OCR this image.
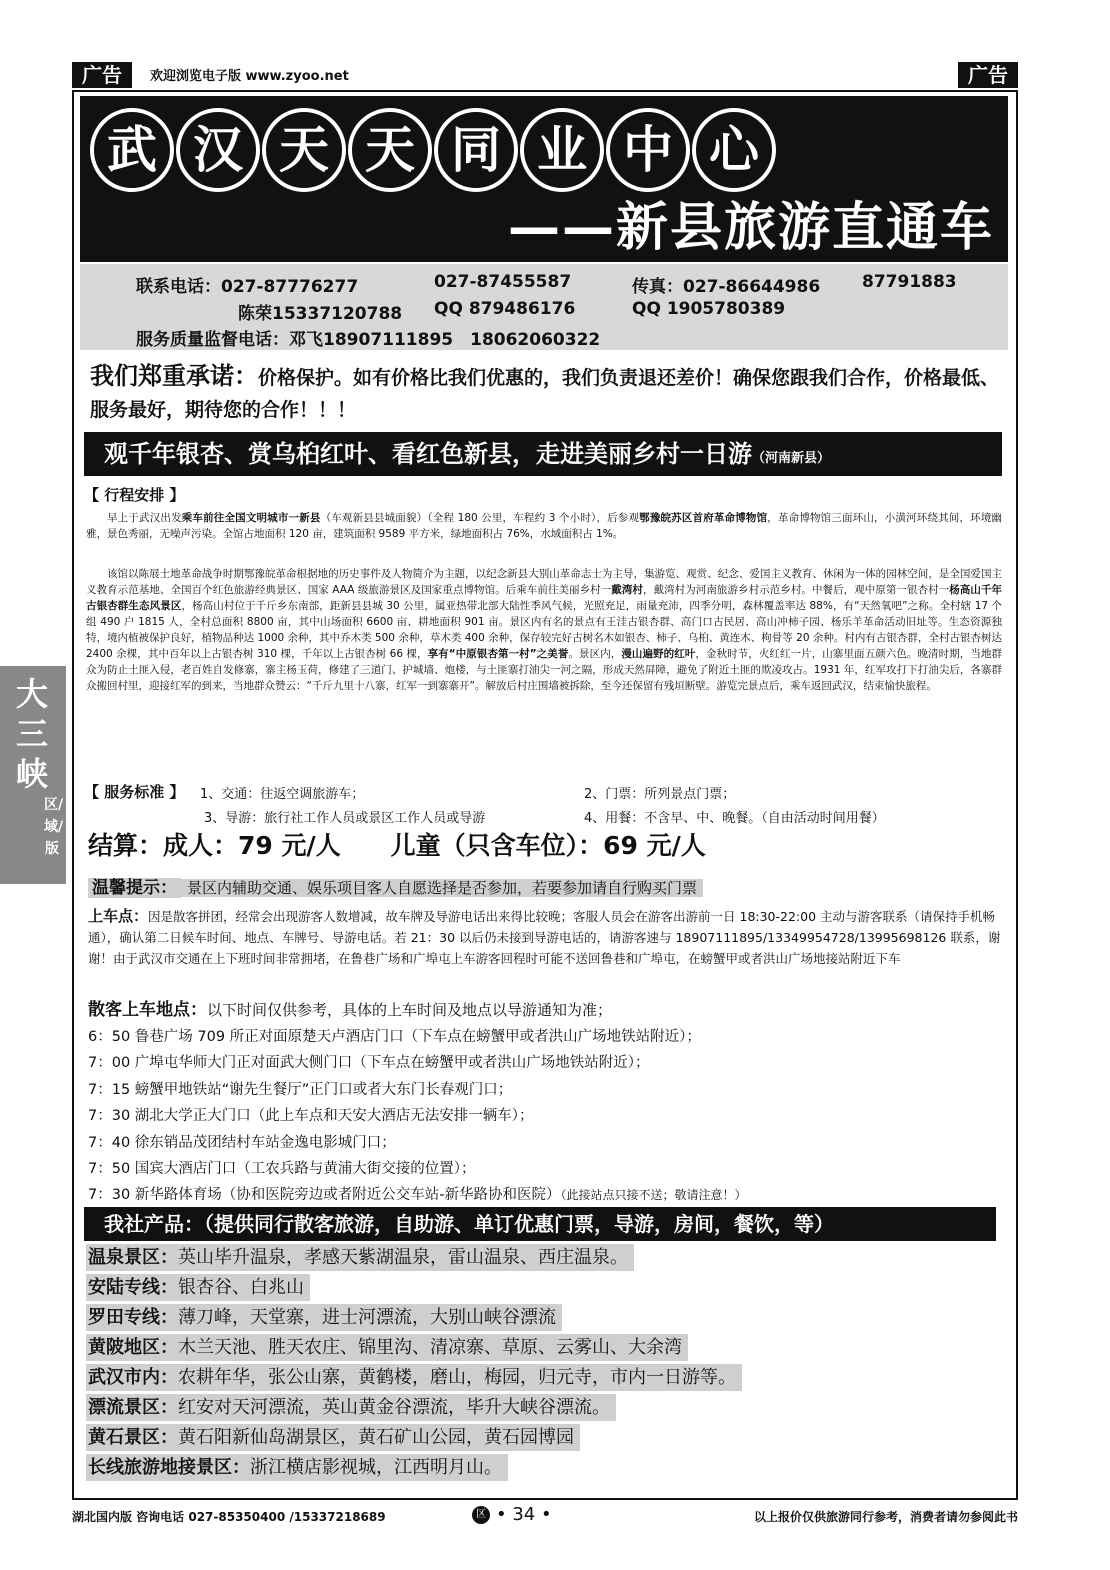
广告	欢迎浏览电子版 www.zyoo.net	广告
武 汉 天 天 同 业 中 心
——新县旅游直通车
联系电话：027-87776277	027-87455587	传真：027-86644986 87791883
陈荣15337120788 QQ 879486176	QQ 1905780389
服务质量监督电话：邓飞18907111895　18062060322
我们郑重承诺：价格保护。如有价格比我们优惠的，我们负责退还差价！确保您跟我们合作，价格最低、服务最好，期待您的合作！！！
观千年银杏、赏乌桕红叶、看红色新县，走进美丽乡村一日游（河南新县）
【 行程安排 】
早上于武汉出发乘车前往全国文明城市一新县（车观新县县城面貌）（全程 180 公里，车程约 3 个小时），后参观鄂豫皖苏区首府革命博物馆，革命博物馆三面环山，小潢河环绕其间，环境幽雅，景色秀丽，无噪声污染。全馆占地面积 120 亩，建筑面积 9589 平方米，绿地面积占 76%，水域面积占 1%。
该馆以陈展土地革命战争时期鄂豫皖革命根据地的历史事件及人物简介为主题，以纪念新县大别山革命志士为主导，集游览、观赏、纪念、爱国主义教育、休闲为一体的园林空间，是全国爱国主义教育示范基地、全国百个红色旅游经典景区、国家 AAA 级旅游景区及国家重点博物馆。后乘车前往美丽乡村一戴湾村，戴湾村为河南旅游乡村示范乡村。中餐后，观中原第一银杏村一杨高山千年古银杏群生态风景区，杨高山村位于千斤乡东南部，距新县县城 30 公里，属亚热带北部大陆性季风气候，光照充足，雨量充沛，四季分明，森林覆盖率达 88%，有“天然氧吧”之称。全村辖 17 个组 490 户 1815 人，全村总面积 8800 亩，其中山场面积 6600 亩、耕地面积 901 亩。景区内有名的景点有王洼古银杏群、高门口古民居、高山冲柿子园、杨乐羊革命活动旧址等。生态资源独特，境内植被保护良好，植物品种达 1000 余种，其中乔木类 500 余种，草木类 400 余种，保存较完好古树名木如银杏、柿子、乌桕、黄连木、枸骨等 20 余种。村内有古银杏群，全村古银杏树达 2400 余棵，其中百年以上古银杏树 310 棵，千年以上古银杏树 66 棵，享有“中原银杏第一村”之美誉。景区内，漫山遍野的红叶，金秋时节，火红红一片，山寨里面五颜六色。晚清时期，当地群众为防止土匪入侵，老百姓自发修寨，寨主杨玉荷，修建了三道门、护城墙、炮楼，与土匪寨打油尖一河之隔，形成天然屏障，避免了附近土匪的欺凌攻占。1931 年，红军攻打下打油尖后，各寨群众搬回村里，迎接红军的到来，当地群众赞云：“千斤九里十八寨，红军一到寨寨开”。解放后村庄围墙被拆除，至今还保留有残垣断壁。游览完景点后，乘车返回武汉，结束愉快旅程。
【 服务标准 】 1、交通：往返空调旅游车；	2、门票：所列景点门票；
3、导游：旅行社工作人员或景区工作人员或导游	4、用餐：不含早、中、晚餐。（自由活动时间用餐）
结算：成人：79 元/人　　儿童（只含车位）：69 元/人
温馨提示： 景区内辅助交通、娱乐项目客人自愿选择是否参加，若要参加请自行购买门票
上车点：因是散客拼团，经常会出现游客人数增减，故车牌及导游电话出来得比较晚；客服人员会在游客出游前一日 18:30-22:00 主动与游客联系（请保持手机畅通），确认第二日候车时间、地点、车牌号、导游电话。若 21：30 以后仍未接到导游电话的，请游客速与 18907111895/13349954728/13995698126 联系，谢谢！由于武汉市交通在上下班时间非常拥堵，在鲁巷广场和广埠屯上车游客回程时可能不送回鲁巷和广埠屯，在螃蟹甲或者洪山广场地接站附近下车
散客上车地点：以下时间仅供参考，具体的上车时间及地点以导游通知为准；
6：50 鲁巷广场 709 所正对面原楚天卢酒店门口（下车点在螃蟹甲或者洪山广场地铁站附近）；
7：00 广埠屯华师大门正对面武大侧门口（下车点在螃蟹甲或者洪山广场地铁站附近）；
7：15 螃蟹甲地铁站“谢先生餐厅”正门口或者大东门长春观门口；
7：30 湖北大学正大门口（此上车点和天安大酒店无法安排一辆车）；
7：40 徐东销品茂团结村车站金逸电影城门口；
7：50 国宾大酒店门口（工农兵路与黄浦大街交接的位置）；
7：30 新华路体育场（协和医院旁边或者附近公交车站-新华路协和医院）（此接站点只接不送；敬请注意！）
我社产品：（提供同行散客旅游，自助游、单订优惠门票，导游，房间，餐饮，等）
温泉景区：英山毕升温泉，孝感天紫湖温泉，雷山温泉、西庄温泉。
安陆专线：银杏谷、白兆山
罗田专线：薄刀峰，天堂寨，进士河漂流，大别山峡谷漂流
黄陂地区：木兰天池、胜天农庄、锦里沟、清凉寨、草原、云雾山、大余湾
武汉市内：农耕年华，张公山寨，黄鹤楼，磨山，梅园，归元寺，市内一日游等。
漂流景区：红安对天河漂流，英山黄金谷漂流，毕升大峡谷漂流。
黄石景区：黄石阳新仙岛湖景区，黄石矿山公园，黄石园博园
长线旅游地接景区：浙江横店影视城，江西明月山。
大三峡
区/域/版
湖北国内版 咨询电话 027-85350400 /15337218689	区 • 34 •	以上报价仅供旅游同行参考，消费者请勿参阅此书
